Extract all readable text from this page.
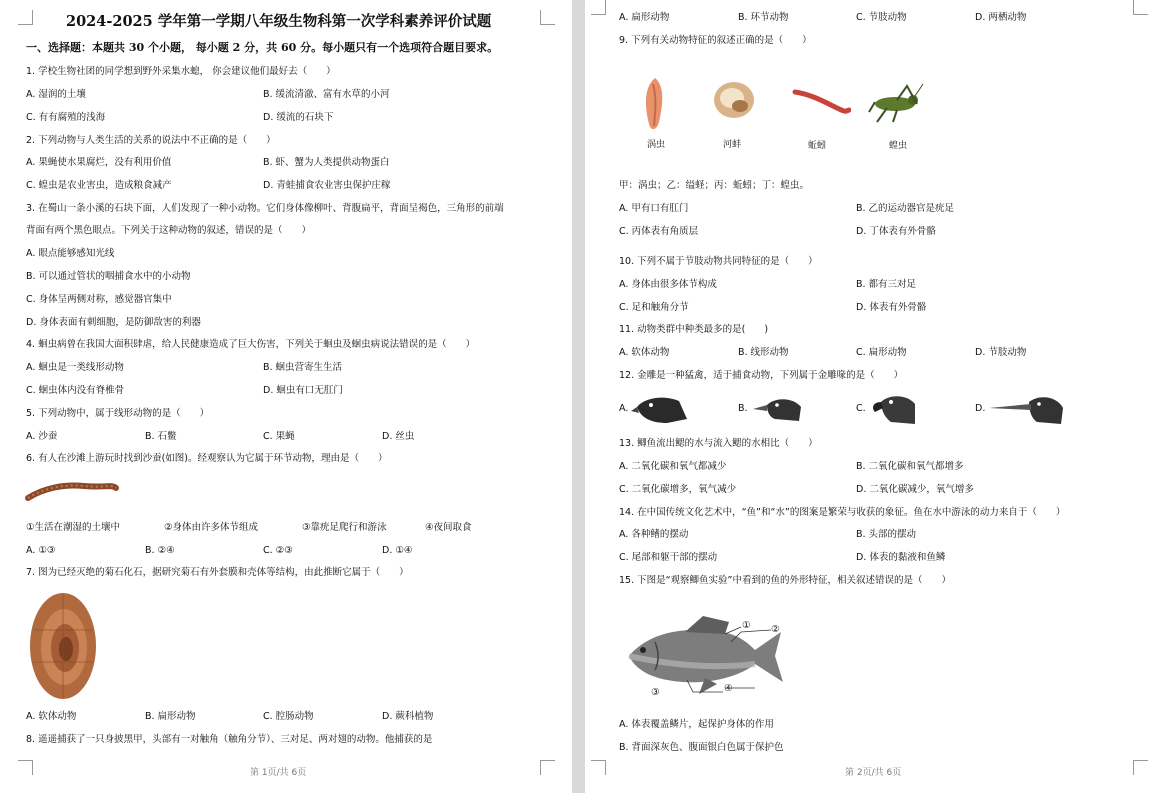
2024-2025 学年第一学期八年级生物科第一次学科素养评价试题
一、选择题：本题共 30 个小题， 每小题 2 分，共 60 分。每小题只有一个选项符合题目要求。
1. 学校生物社团的同学想到野外采集水螅， 你会建议他们最好去（　　）
A. 湿润的土壤	B. 缓流清澈、富有水草的小河
C. 有有腐殖的浅海	D. 缓流的石块下
2. 下列动物与人类生活的关系的说法中不正确的是（　　）
A. 果蝇使水果腐烂，没有利用价值	B. 虾、蟹为人类提供动物蛋白
C. 蝗虫是农业害虫，造成粮食减产	D. 青蛙捕食农业害虫保护庄稼
3. 在蜀山一条小溪的石块下面，人们发现了一种小动物。它们身体像柳叶、背腹扁平，背面呈褐色，三角形的前端
背面有两个黑色眼点。下列关于这种动物的叙述，错误的是（　　）
A. 眼点能够感知光线
B. 可以通过管状的咽捕食水中的小动物
C. 身体呈两侧对称，感觉器官集中
D. 身体表面有刺细胞，是防御敌害的利器
4. 蛔虫病曾在我国大面积肆虐，给人民健康造成了巨大伤害，下列关于蛔虫及蛔虫病说法错误的是（　　）
A. 蛔虫是一类线形动物	B. 蛔虫营寄生生活
C. 蛔虫体内没有脊椎骨	D. 蛔虫有口无肛门
5. 下列动物中，属于线形动物的是（　　）
A. 沙蚕	B. 石鳖	C. 果蝇	D. 丝虫
6. 有人在沙滩上游玩时找到沙蚕(如图)。经观察认为它属于环节动物，理由是（　　）
①生活在潮湿的土壤中	②身体由许多体节组成	③靠疣足爬行和游泳	④夜间取食
A. ①③	B. ②④	C. ②③	D. ①④
7. 图为已经灭绝的菊石化石，据研究菊石有外套膜和壳体等结构，由此推断它属于（　　）
A. 软体动物	B. 扁形动物	C. 腔肠动物	D. 蕨科植物
8. 遥遥捕获了一只身披黑甲，头部有一对触角（触角分节）、三对足、两对翅的动物。他捕获的是
第 1页/共 6页
A. 扁形动物	B. 环节动物	C. 节肢动物	D. 两栖动物
9. 下列有关动物特征的叙述正确的是（　　）
涡虫	河蚌	蚯蚓	蝗虫
甲：涡虫；乙：缢蛏；丙：蚯蚓；丁：蝗虫。
A. 甲有口有肛门	B. 乙的运动器官是疣足
C. 丙体表有角质层	D. 丁体表有外骨骼
10. 下列不属于节肢动物共同特征的是（　　）
A. 身体由很多体节构成	B. 都有三对足
C. 足和触角分节	D. 体表有外骨骼
11. 动物类群中种类最多的是(　　)
A. 软体动物	B. 线形动物	C. 扁形动物	D. 节肢动物
12. 金雕是一种猛禽，适于捕食动物，下列属于金雕喙的是（　　）
A.	B.	C.	D.
13. 鲫鱼流出鳃的水与流入鳃的水相比（　　）
A. 二氧化碳和氧气都减少	B. 二氧化碳和氧气都增多
C. 二氧化碳增多，氧气减少	D. 二氧化碳减少，氧气增多
14. 在中国传统文化艺术中，“鱼”和“水”的图案是繁荣与收获的象征。鱼在水中游泳的动力来自于（　　）
A. 各种鳍的摆动	B. 头部的摆动
C. 尾部和躯干部的摆动	D. 体表的黏液和鱼鳞
15. 下图是“观察鲫鱼实验”中看到的鱼的外形特征，相关叙述错误的是（　　）
① ②
③	④
A. 体表覆盖鳞片，起保护身体的作用
B. 背面深灰色、腹面银白色属于保护色
第 2页/共 6页
